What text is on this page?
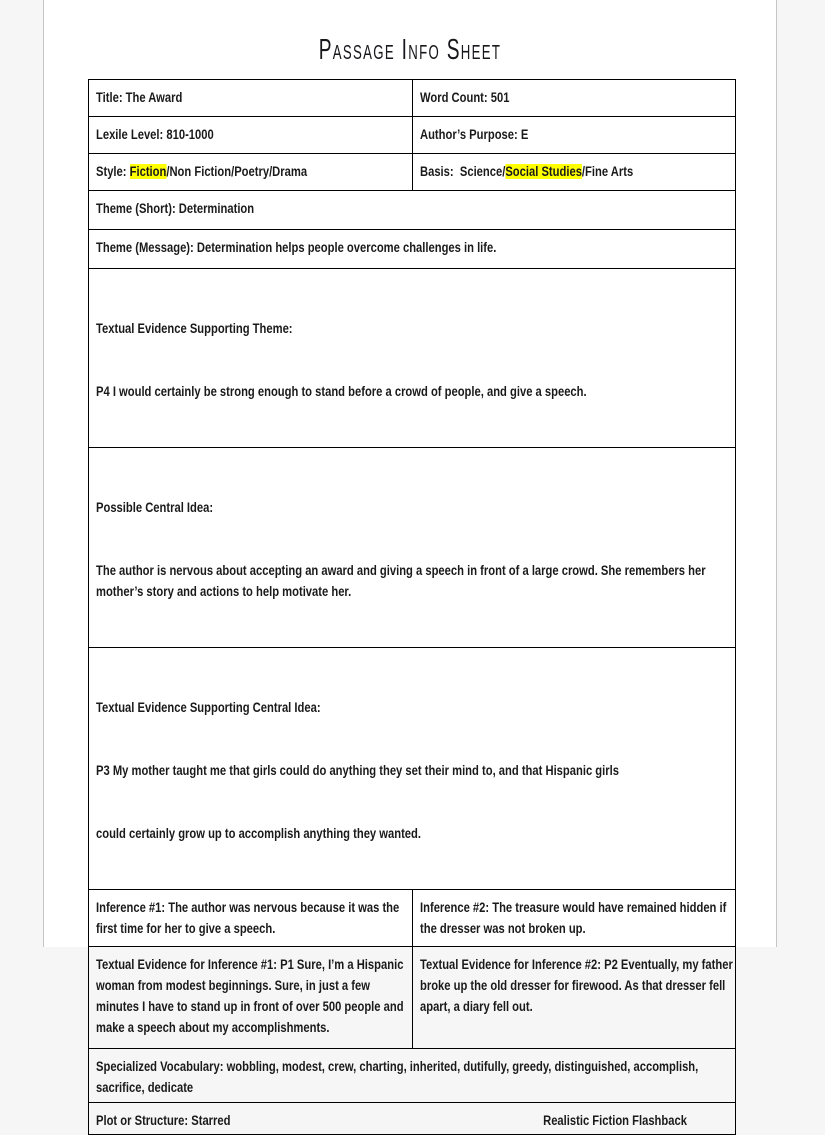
Passage Info Sheet
Title: The Award	Word Count: 501
Lexile Level: 810-1000	Author’s Purpose: E
Style: Fiction/Non Fiction/Poetry/Drama	Basis:  Science/Social Studies/Fine Arts
Theme (Short): Determination
Theme (Message): Determination helps people overcome challenges in life.

Textual Evidence Supporting Theme:

P4 I would certainly be strong enough to stand before a crowd of people, and give a speech.

Possible Central Idea:

The author is nervous about accepting an award and giving a speech in front of a large crowd. She remembers her mother’s story and actions to help motivate her.

Textual Evidence Supporting Central Idea:

P3 My mother taught me that girls could do anything they set their mind to, and that Hispanic girls

could certainly grow up to accomplish anything they wanted.

Inference #1: The author was nervous because it was the first time for her to give a speech.
Inference #2: The treasure would have remained hidden if the dresser was not broken up.
Textual Evidence for Inference #1: P1 Sure, I’m a Hispanic woman from modest beginnings. Sure, in just a few minutes I have to stand up in front of over 500 people and make a speech about my accomplishments.
Textual Evidence for Inference #2: P2 Eventually, my father broke up the old dresser for firewood. As that dresser fell apart, a diary fell out.
Specialized Vocabulary: wobbling, modest, crew, charting, inherited, dutifully, greedy, distinguished, accomplish, sacrifice, dedicate
Plot or Structure: Starred	Realistic Fiction Flashback
